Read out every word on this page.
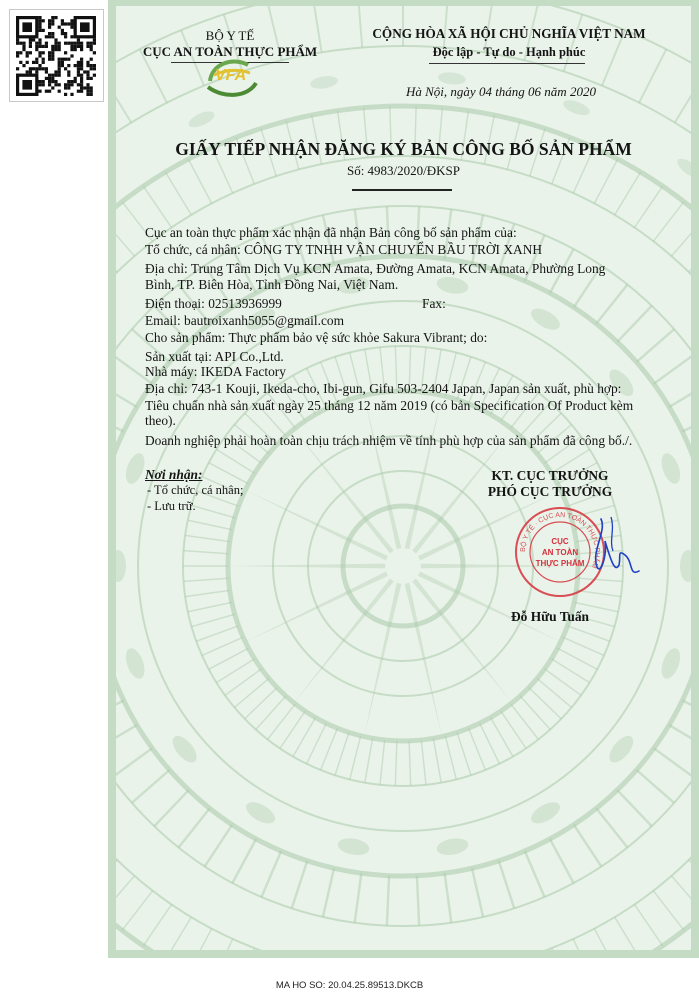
BỘ Y TẾ
CỤC AN TOÀN THỰC PHẨM
VFA
CỘNG HÒA XÃ HỘI CHỦ NGHĨA VIỆT NAM
Độc lập - Tự do - Hạnh phúc
Hà Nội, ngày 04 tháng 06 năm 2020
GIẤY TIẾP NHẬN ĐĂNG KÝ BẢN CÔNG BỐ SẢN PHẨM
Số: 4983/2020/ĐKSP
Cục an toàn thực phẩm xác nhận đã nhận Bản công bố sản phẩm của:
Tổ chức, cá nhân: CÔNG TY TNHH VẬN CHUYỂN BẦU TRỜI XANH
Địa chỉ: Trung Tâm Dịch Vụ KCN Amata, Đường Amata, KCN Amata, Phường Long
Bình, TP. Biên Hòa, Tỉnh Đồng Nai, Việt Nam.
Điện thoại: 02513936999	Fax:
Email: bautroixanh5055@gmail.com
Cho sản phẩm: Thực phẩm bảo vệ sức khỏe Sakura Vibrant; do:
Sản xuất tại: API Co.,Ltd.
Nhà máy: IKEDA Factory
Địa chỉ: 743-1 Kouji, Ikeda-cho, Ibi-gun, Gifu 503-2404 Japan, Japan sản xuất, phù hợp:
Tiêu chuẩn nhà sản xuất ngày 25 tháng 12 năm 2019 (có bản Specification Of Product kèm
theo).
Doanh nghiệp phải hoàn toàn chịu trách nhiệm về tính phù hợp của sản phẩm đã công bố./.
Nơi nhận:
- Tổ chức, cá nhân;
- Lưu trữ.
KT. CỤC TRƯỞNG
PHÓ CỤC TRƯỞNG
BỘ Y TẾ · CỤC AN TOÀN THỰC PHẨM
CỤC
AN TOÀN
THỰC PHẨM
Đỗ Hữu Tuấn
MA HO SO: 20.04.25.89513.DKCB
